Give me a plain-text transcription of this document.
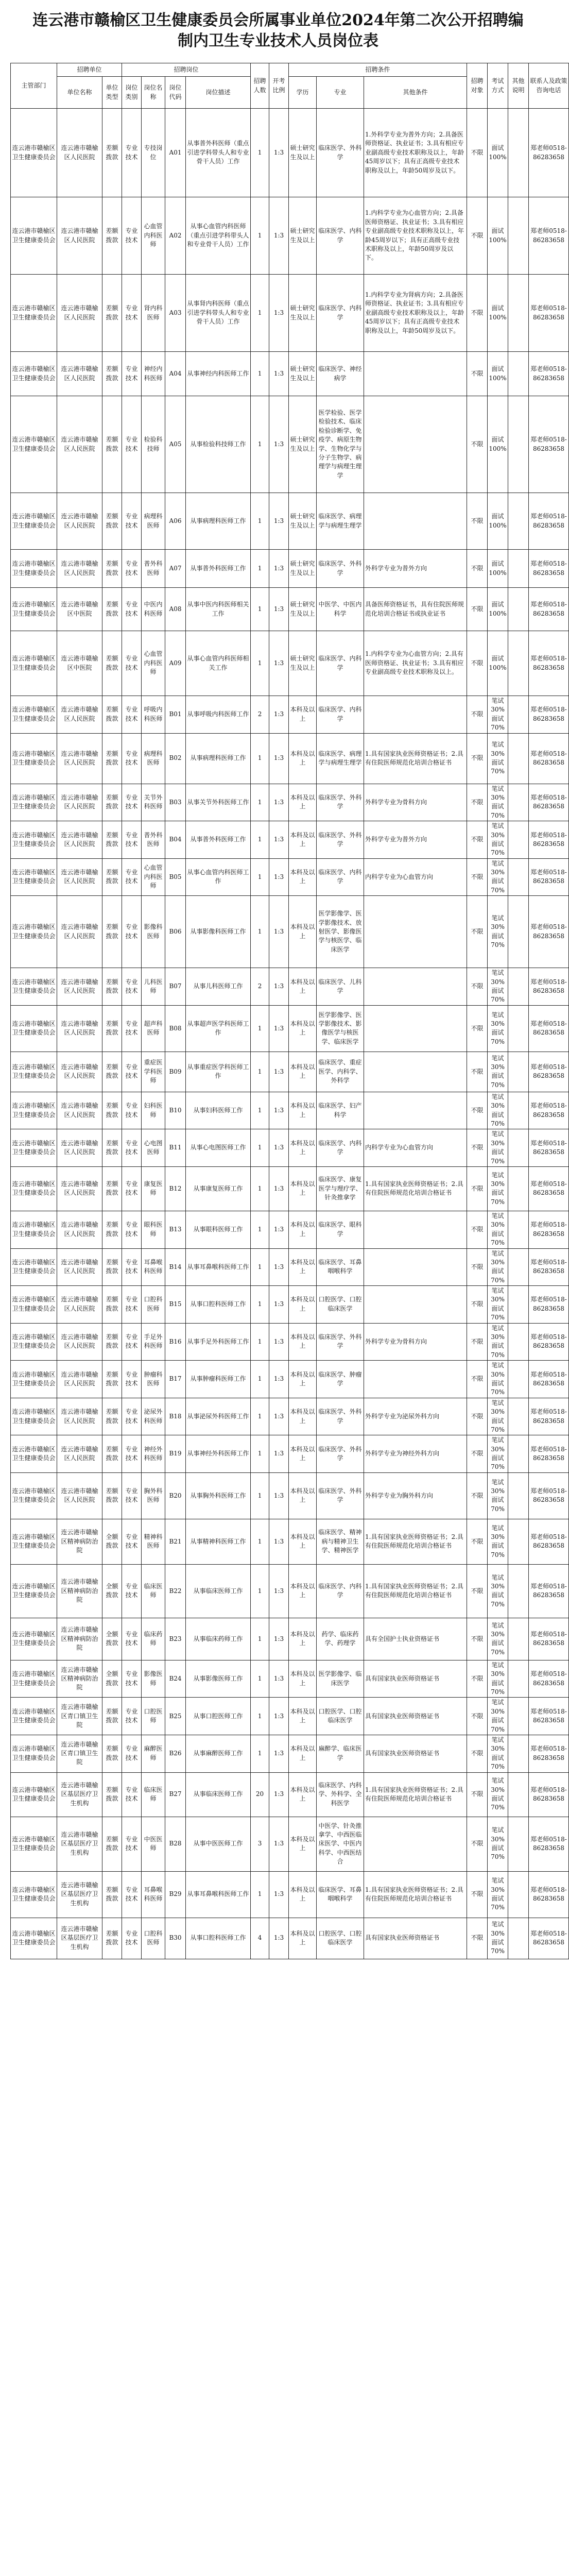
连云港市赣榆区卫生健康委员会所属事业单位2024年第二次公开招聘编制内卫生专业技术人员岗位表
主管部门	招聘单位		招聘岗位				招聘人数	开考比例	招聘条件			招聘对象	考试方式	其他说明	联系人及政策咨询电话
	单位名称	单位类型	岗位类别	岗位名称	岗位代码	岗位描述			学历	专业	其他条件				
连云港市赣榆区卫生健康委员会	连云港市赣榆区人民医院	差额拨款	专业技术	专技岗位	A01	从事普外科医师（重点引进学科带头人和专业骨干人员）工作	1	1:3	硕士研究生及以上	临床医学、外科学	1.外科学专业为普外方向；2.具备医师资格证、执业证书；3.具有相应专业副高级专业技术职称及以上，年龄45周岁以下；具有正高级专业技术职称及以上，年龄50周岁及以下。	不限	面试100%		郑老师0518-86283658
连云港市赣榆区卫生健康委员会	连云港市赣榆区人民医院	差额拨款	专业技术	心血管内科医师	A02	从事心血管内科医师（重点引进学科带头人和专业骨干人员）工作	1	1:3	硕士研究生及以上	临床医学、内科学	1.内科学专业为心血管方向；2.具备医师资格证、执业证书；3.具有相应专业副高级专业技术职称及以上，年龄45周岁以下；具有正高级专业技术职称及以上，年龄50周岁及以下。	不限	面试100%		郑老师0518-86283658
连云港市赣榆区卫生健康委员会	连云港市赣榆区人民医院	差额拨款	专业技术	肾内科医师	A03	从事肾内科医师（重点引进学科带头人和专业骨干人员）工作	1	1:3	硕士研究生及以上	临床医学、内科学	1.内科学专业为肾病方向；2.具备医师资格证、执业证书；3.具有相应专业副高级专业技术职称及以上，年龄45周岁以下；具有正高级专业技术职称及以上，年龄50周岁及以下。	不限	面试100%		郑老师0518-86283658
连云港市赣榆区卫生健康委员会	连云港市赣榆区人民医院	差额拨款	专业技术	神经内科医师	A04	从事神经内科医师工作	1	1:3	硕士研究生及以上	临床医学、神经病学		不限	面试100%		郑老师0518-86283658
连云港市赣榆区卫生健康委员会	连云港市赣榆区人民医院	差额拨款	专业技术	检验科技师	A05	从事检验科技师工作	1	1:3	硕士研究生及以上	医学检验、医学检验技术、临床检验诊断学、免疫学、病原生物学、生物化学与分子生物学、病理学与病理生理学		不限	面试100%		郑老师0518-86283658
连云港市赣榆区卫生健康委员会	连云港市赣榆区人民医院	差额拨款	专业技术	病理科医师	A06	从事病理科医师工作	1	1:3	硕士研究生及以上	临床医学、病理学与病理生理学		不限	面试100%		郑老师0518-86283658
连云港市赣榆区卫生健康委员会	连云港市赣榆区人民医院	差额拨款	专业技术	普外科医师	A07	从事普外科医师工作	1	1:3	硕士研究生及以上	临床医学、外科学	外科学专业为普外方向	不限	面试100%		郑老师0518-86283658
连云港市赣榆区卫生健康委员会	连云港市赣榆区中医院	差额拨款	专业技术	中医内科医师	A08	从事中医内科医师相关工作	1	1:3	硕士研究生及以上	中医学、中医内科学	具备医师资格证书，具有住院医师规范化培训合格证书或执业证书	不限	面试100%		郑老师0518-86283658
连云港市赣榆区卫生健康委员会	连云港市赣榆区中医院	差额拨款	专业技术	心血管内科医师	A09	从事心血管内科医师相关工作	1	1:3	硕士研究生及以上	临床医学、内科学	1.内科学专业为心血管方向；2.具有医师资格证、执业证书；3.具有相应专业副高级专业技术职称及以上。	不限	面试100%		郑老师0518-86283658
连云港市赣榆区卫生健康委员会	连云港市赣榆区人民医院	差额拨款	专业技术	呼吸内科医师	B01	从事呼吸内科医师工作	2	1:3	本科及以上	临床医学、内科学		不限	笔试30%面试70%		郑老师0518-86283658
连云港市赣榆区卫生健康委员会	连云港市赣榆区人民医院	差额拨款	专业技术	病理科医师	B02	从事病理科医师工作	1	1:3	本科及以上	临床医学、病理学与病理生理学	1.具有国家执业医师资格证书；2.具有住院医师规范化培训合格证书	不限	笔试30%面试70%		郑老师0518-86283658
连云港市赣榆区卫生健康委员会	连云港市赣榆区人民医院	差额拨款	专业技术	关节外科医师	B03	从事关节外科医师工作	1	1:3	本科及以上	临床医学、外科学	外科学专业为骨科方向	不限	笔试30%面试70%		郑老师0518-86283658
连云港市赣榆区卫生健康委员会	连云港市赣榆区人民医院	差额拨款	专业技术	普外科医师	B04	从事普外科医师工作	1	1:3	本科及以上	临床医学、外科学	外科学专业为普外方向	不限	笔试30%面试70%		郑老师0518-86283658
连云港市赣榆区卫生健康委员会	连云港市赣榆区人民医院	差额拨款	专业技术	心血管内科医师	B05	从事心血管内科医师工作	1	1:3	本科及以上	临床医学、内科学	内科学专业为心血管方向	不限	笔试30%面试70%		郑老师0518-86283658
连云港市赣榆区卫生健康委员会	连云港市赣榆区人民医院	差额拨款	专业技术	影像科医师	B06	从事影像科医师工作	1	1:3	本科及以上	医学影像学、医学影像技术、放射医学、影像医学与核医学、临床医学		不限	笔试30%面试70%		郑老师0518-86283658
连云港市赣榆区卫生健康委员会	连云港市赣榆区人民医院	差额拨款	专业技术	儿科医师	B07	从事儿科医师工作	2	1:3	本科及以上	临床医学、儿科学		不限	笔试30%面试70%		郑老师0518-86283658
连云港市赣榆区卫生健康委员会	连云港市赣榆区人民医院	差额拨款	专业技术	超声科医师	B08	从事超声医学科医师工作	1	1:3	本科及以上	医学影像学、医学影像技术、影像医学与核医学、临床医学		不限	笔试30%面试70%		郑老师0518-86283658
连云港市赣榆区卫生健康委员会	连云港市赣榆区人民医院	差额拨款	专业技术	重症医学科医师	B09	从事重症医学科医师工作	1	1:3	本科及以上	临床医学、重症医学、内科学、外科学		不限	笔试30%面试70%		郑老师0518-86283658
连云港市赣榆区卫生健康委员会	连云港市赣榆区人民医院	差额拨款	专业技术	妇科医师	B10	从事妇科医师工作	1	1:3	本科及以上	临床医学、妇产科学		不限	笔试30%面试70%		郑老师0518-86283658
连云港市赣榆区卫生健康委员会	连云港市赣榆区人民医院	差额拨款	专业技术	心电图医师	B11	从事心电图医师工作	1	1:3	本科及以上	临床医学、内科学	内科学专业为心血管方向	不限	笔试30%面试70%		郑老师0518-86283658
连云港市赣榆区卫生健康委员会	连云港市赣榆区人民医院	差额拨款	专业技术	康复医师	B12	从事康复医师工作	1	1:3	本科及以上	临床医学、康复医学与理疗学、针灸推拿学	1.具有国家执业医师资格证书；2.具有住院医师规范化培训合格证书	不限	笔试30%面试70%		郑老师0518-86283658
连云港市赣榆区卫生健康委员会	连云港市赣榆区人民医院	差额拨款	专业技术	眼科医师	B13	从事眼科医师工作	1	1:3	本科及以上	临床医学、眼科学		不限	笔试30%面试70%		郑老师0518-86283658
连云港市赣榆区卫生健康委员会	连云港市赣榆区人民医院	差额拨款	专业技术	耳鼻喉科医师	B14	从事耳鼻喉科医师工作	1	1:3	本科及以上	临床医学、耳鼻咽喉科学		不限	笔试30%面试70%		郑老师0518-86283658
连云港市赣榆区卫生健康委员会	连云港市赣榆区人民医院	差额拨款	专业技术	口腔科医师	B15	从事口腔科医师工作	1	1:3	本科及以上	口腔医学、口腔临床医学		不限	笔试30%面试70%		郑老师0518-86283658
连云港市赣榆区卫生健康委员会	连云港市赣榆区人民医院	差额拨款	专业技术	手足外科医师	B16	从事手足外科医师工作	1	1:3	本科及以上	临床医学、外科学	外科学专业为骨科方向	不限	笔试30%面试70%		郑老师0518-86283658
连云港市赣榆区卫生健康委员会	连云港市赣榆区人民医院	差额拨款	专业技术	肿瘤科医师	B17	从事肿瘤科医师工作	1	1:3	本科及以上	临床医学、肿瘤学		不限	笔试30%面试70%		郑老师0518-86283658
连云港市赣榆区卫生健康委员会	连云港市赣榆区人民医院	差额拨款	专业技术	泌尿外科医师	B18	从事泌尿外科医师工作	1	1:3	本科及以上	临床医学、外科学	外科学专业为泌尿外科方向	不限	笔试30%面试70%		郑老师0518-86283658
连云港市赣榆区卫生健康委员会	连云港市赣榆区人民医院	差额拨款	专业技术	神经外科医师	B19	从事神经外科医师工作	1	1:3	本科及以上	临床医学、外科学	外科学专业为神经外科方向	不限	笔试30%面试70%		郑老师0518-86283658
连云港市赣榆区卫生健康委员会	连云港市赣榆区人民医院	差额拨款	专业技术	胸外科医师	B20	从事胸外科医师工作	1	1:3	本科及以上	临床医学、外科学	外科学专业为胸外科方向	不限	笔试30%面试70%		郑老师0518-86283658
连云港市赣榆区卫生健康委员会	连云港市赣榆区精神病防治院	全额拨款	专业技术	精神科医师	B21	从事精神科医师工作	1	1:3	本科及以上	临床医学、精神病与精神卫生学、精神医学	1.具有国家执业医师资格证书；2.具有住院医师规范化培训合格证书	不限	笔试30%面试70%		郑老师0518-86283658
连云港市赣榆区卫生健康委员会	连云港市赣榆区精神病防治院	全额拨款	专业技术	临床医师	B22	从事临床医师工作	1	1:3	本科及以上	临床医学、内科学	1.具有国家执业医师资格证书；2.具有住院医师规范化培训合格证书	不限	笔试30%面试70%		郑老师0518-86283658
连云港市赣榆区卫生健康委员会	连云港市赣榆区精神病防治院	全额拨款	专业技术	临床药师	B23	从事临床药师工作	1	1:3	本科及以上	药学、临床药学、药理学	具有全国护士执业资格证书	不限	笔试30%面试70%		郑老师0518-86283658
连云港市赣榆区卫生健康委员会	连云港市赣榆区精神病防治院	全额拨款	专业技术	影像医师	B24	从事影像医师工作	1	1:3	本科及以上	医学影像学、临床医学	具有国家执业医师资格证书	不限	笔试30%面试70%		郑老师0518-86283658
连云港市赣榆区卫生健康委员会	连云港市赣榆区青口镇卫生院	差额拨款	专业技术	口腔医师	B25	从事口腔医师工作	1	1:3	本科及以上	口腔医学、口腔临床医学	具有国家执业医师资格证书	不限	笔试30%面试70%		郑老师0518-86283658
连云港市赣榆区卫生健康委员会	连云港市赣榆区青口镇卫生院	差额拨款	专业技术	麻醉医师	B26	从事麻醉医师工作	1	1:3	本科及以上	麻醉学、临床医学	具有国家执业医师资格证书	不限	笔试30%面试70%		郑老师0518-86283658
连云港市赣榆区卫生健康委员会	连云港市赣榆区基层医疗卫生机构	差额拨款	专业技术	临床医师	B27	从事临床医师工作	20	1:3	本科及以上	临床医学、内科学、外科学、全科医学	1.具有国家执业医师资格证书；2.具有住院医师规范化培训合格证书	不限	笔试30%面试70%		郑老师0518-86283658
连云港市赣榆区卫生健康委员会	连云港市赣榆区基层医疗卫生机构	差额拨款	专业技术	中医医师	B28	从事中医医师工作	3	1:3	本科及以上	中医学、针灸推拿学、中西医临床医学、中医内科学、中西医结合		不限	笔试30%面试70%		郑老师0518-86283658
连云港市赣榆区卫生健康委员会	连云港市赣榆区基层医疗卫生机构	差额拨款	专业技术	耳鼻喉科医师	B29	从事耳鼻喉科医师工作	1	1:3	本科及以上	临床医学、耳鼻咽喉科学	1.具有国家执业医师资格证书；2.具有住院医师规范化培训合格证书	不限	笔试30%面试70%		郑老师0518-86283658
连云港市赣榆区卫生健康委员会	连云港市赣榆区基层医疗卫生机构	差额拨款	专业技术	口腔科医师	B30	从事口腔科医师工作	4	1:3	本科及以上	口腔医学、口腔临床医学	具有国家执业医师资格证书	不限	笔试30%面试70%		郑老师0518-86283658
